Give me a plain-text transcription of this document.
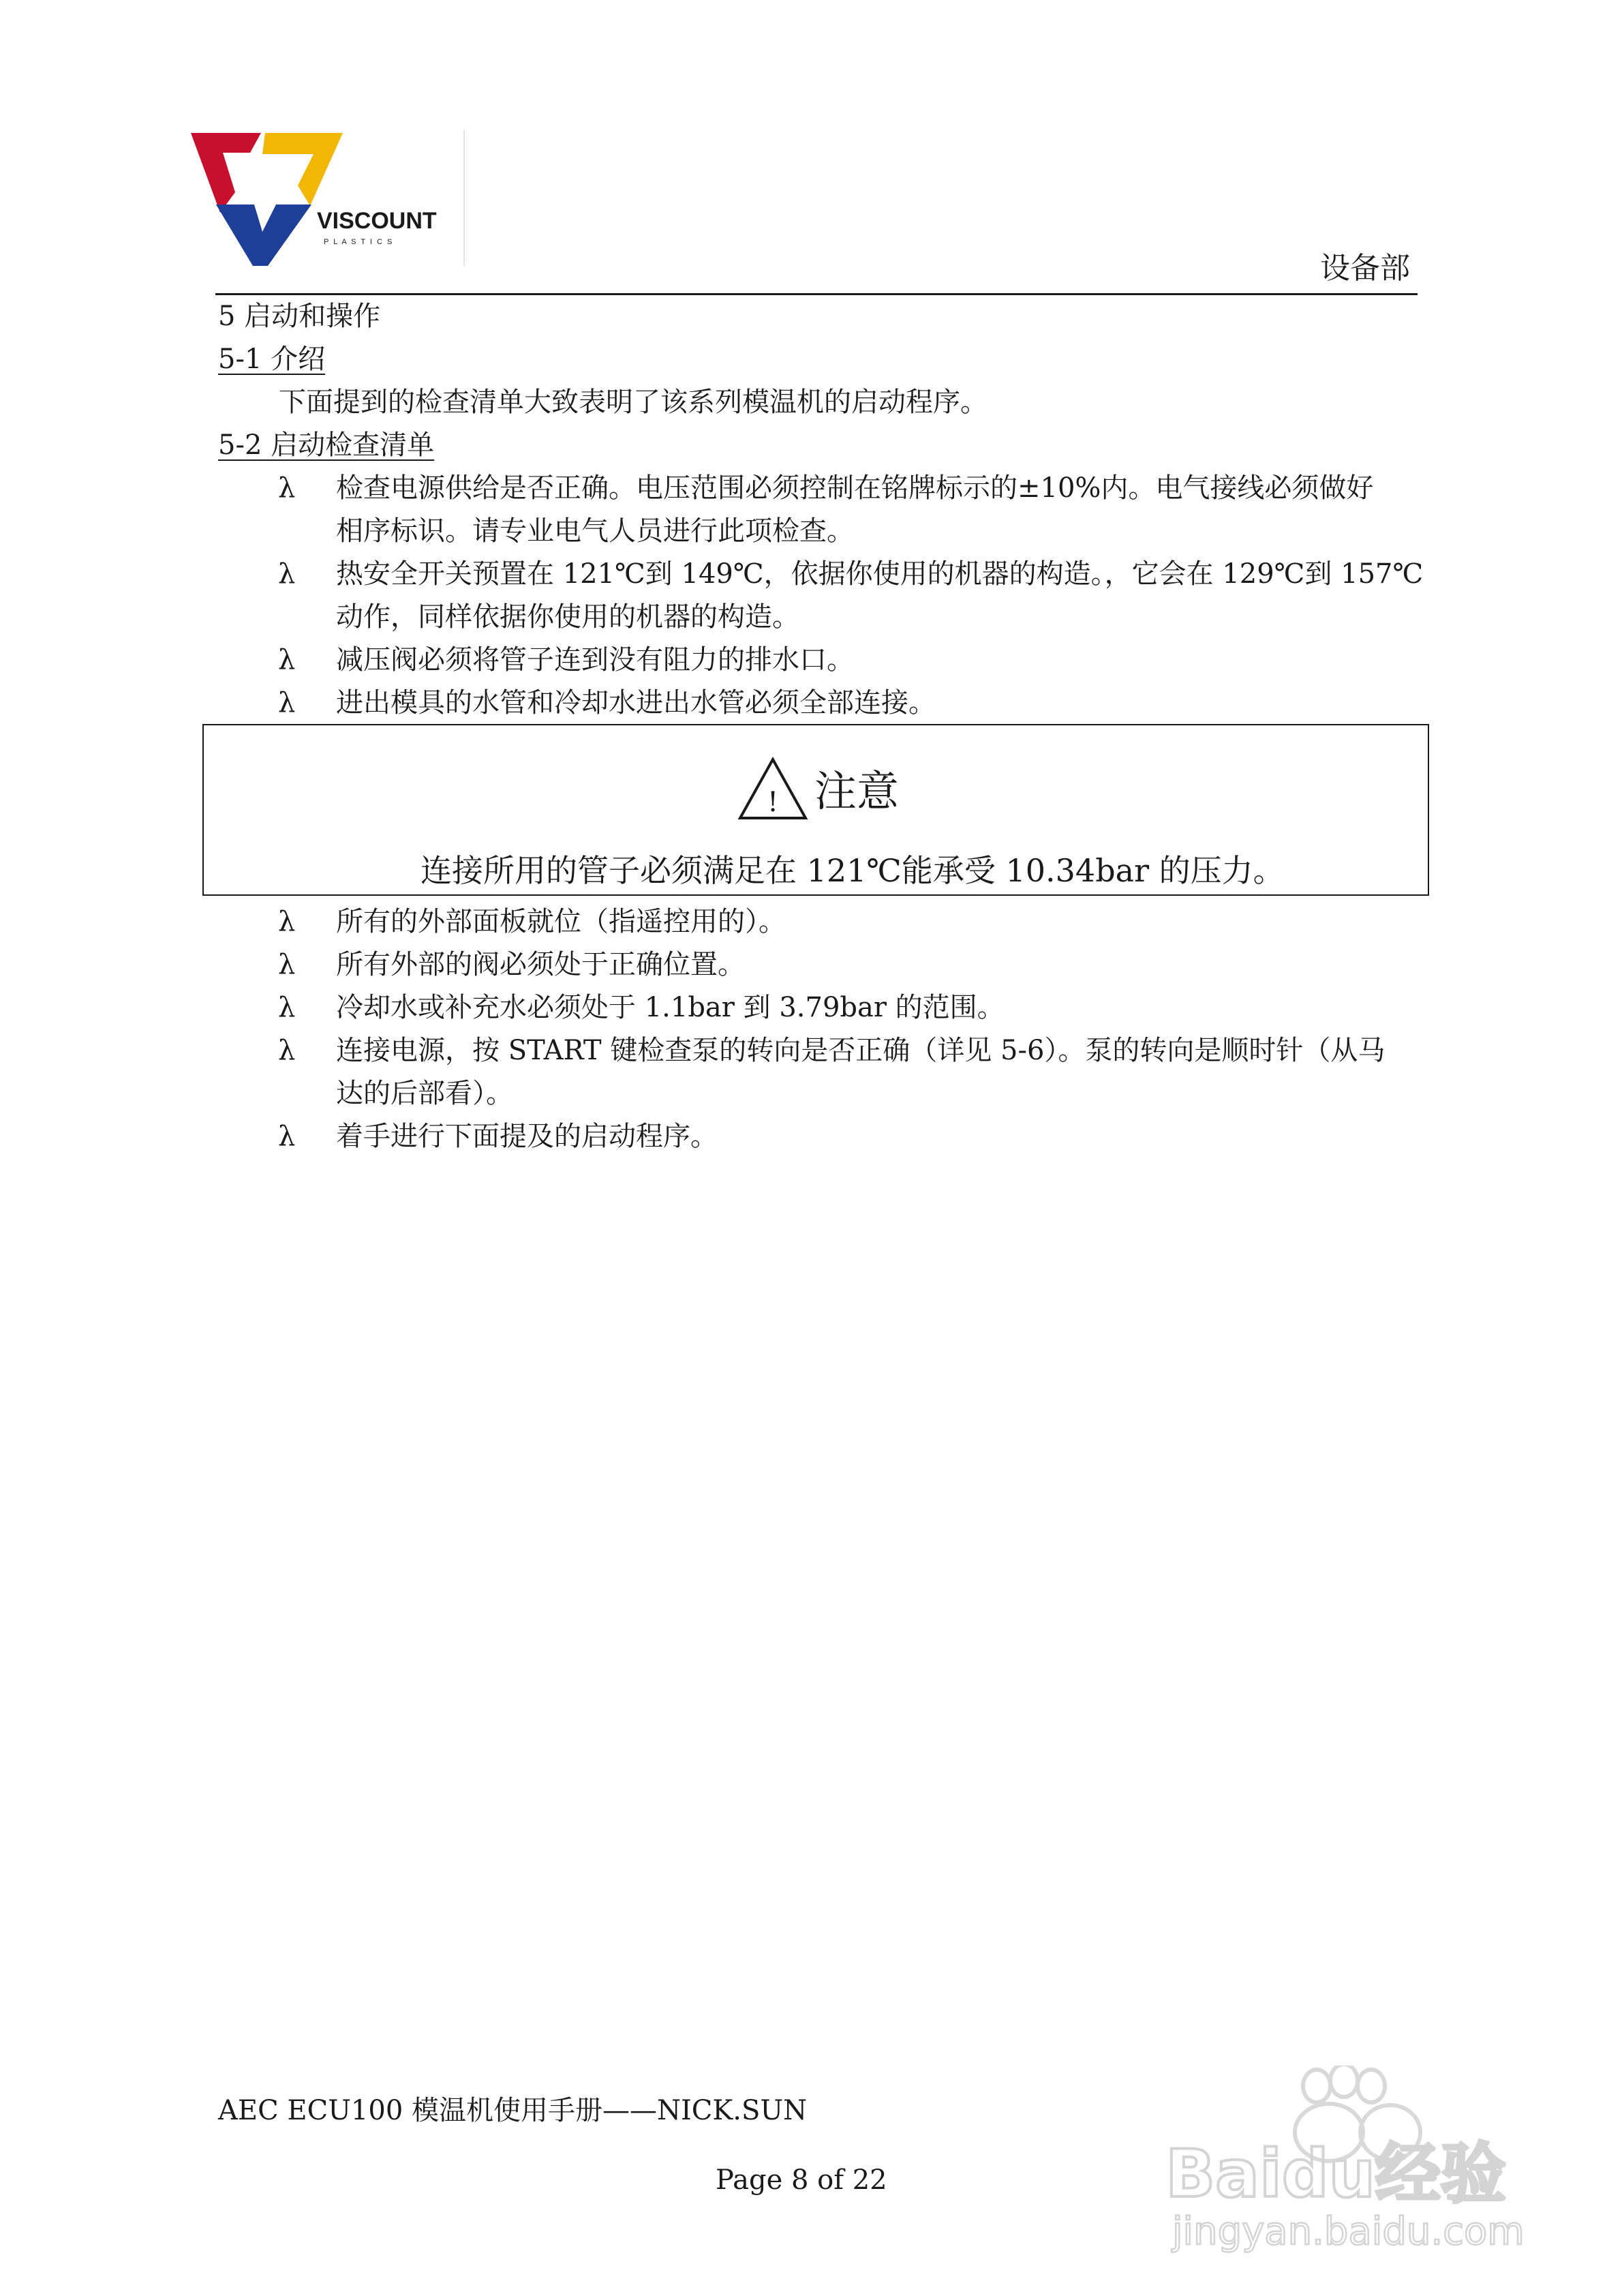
VISCOUNT
P L A S T I C S
设备部
5 启动和操作
5-1 介绍
下面提到的检查清单大致表明了该系列模温机的启动程序。
5-2 启动检查清单
λ 检查电源供给是否正确。电压范围必须控制在铭牌标示的±10%内。电气接线必须做好
相序标识。请专业电气人员进行此项检查。
λ 热安全开关预置在 121℃到 149℃，依据你使用的机器的构造。，它会在 129℃到 157℃
动作，同样依据你使用的机器的构造。
λ 减压阀必须将管子连到没有阻力的排水口。
λ 进出模具的水管和冷却水进出水管必须全部连接。
! 注意
连接所用的管子必须满足在 121℃能承受 10.34bar 的压力。
λ 所有的外部面板就位（指遥控用的）。
λ 所有外部的阀必须处于正确位置。
λ 冷却水或补充水必须处于 1.1bar 到 3.79bar 的范围。
λ 连接电源，按 START 键检查泵的转向是否正确（详见 5-6）。泵的转向是顺时针（从马
达的后部看）。
λ 着手进行下面提及的启动程序。
AEC ECU100 模温机使用手册——NICK.SUN
Page 8 of 22	Baidu经验
jingyan.baidu.com
